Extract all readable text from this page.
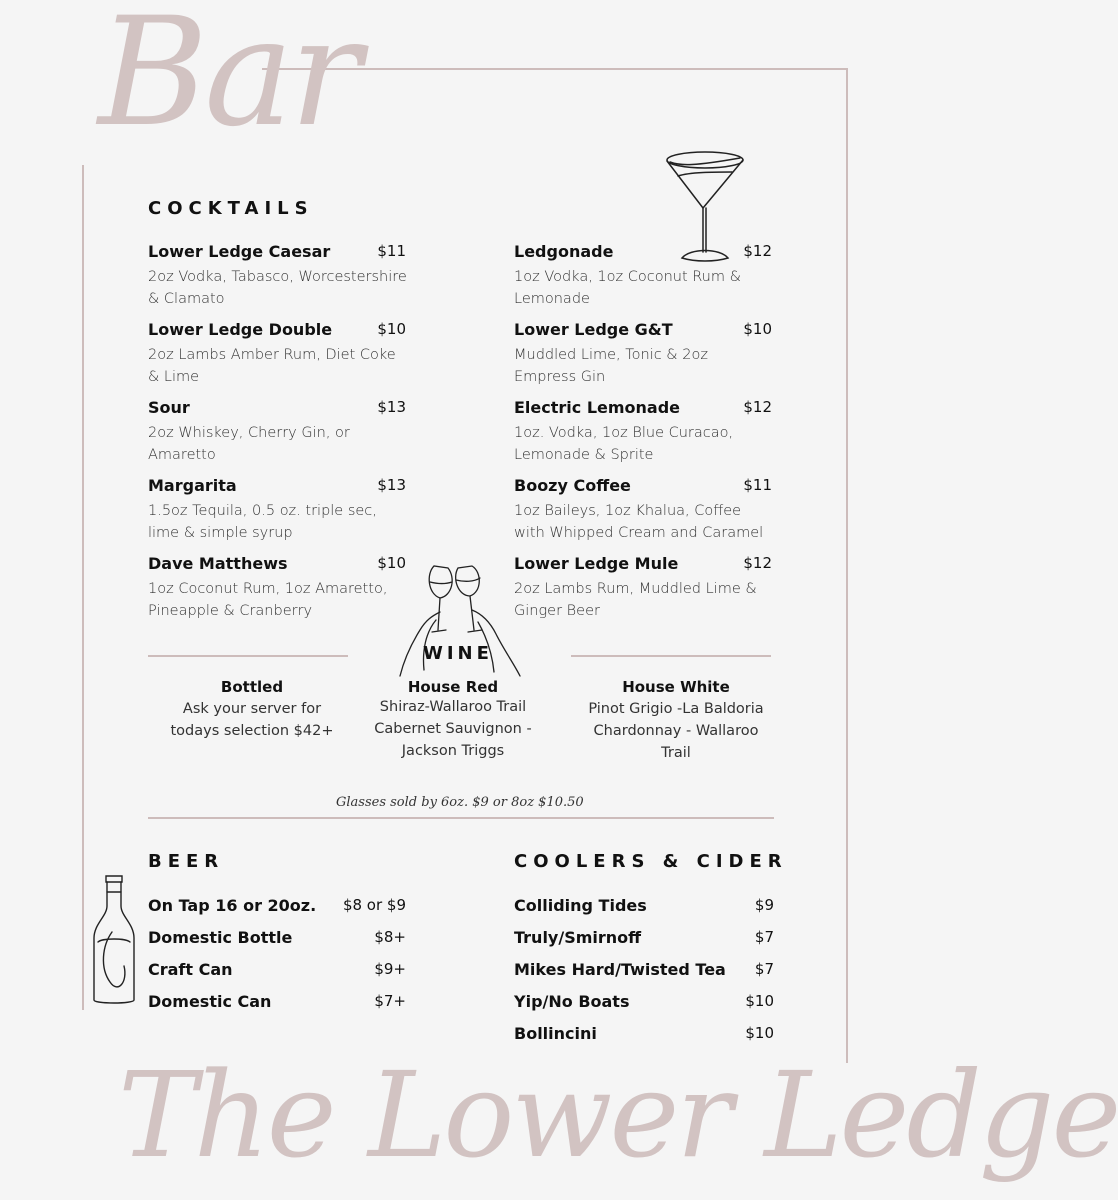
Bar
COCKTAILS
Lower Ledge Caesar	$11
2oz Vodka, Tabasco, Worcestershire & Clamato
Lower Ledge Double	$10
2oz Lambs Amber Rum, Diet Coke & Lime
Sour	$13
2oz Whiskey, Cherry Gin, or Amaretto
Margarita	$13
1.5oz Tequila, 0.5 oz. triple sec, lime & simple syrup
Dave Matthews	$10
1oz Coconut Rum, 1oz Amaretto, Pineapple & Cranberry
Ledgonade	$12
1oz Vodka, 1oz Coconut Rum & Lemonade
Lower Ledge G&T	$10
Muddled Lime, Tonic & 2oz Empress Gin
Electric Lemonade	$12
1oz. Vodka, 1oz Blue Curacao, Lemonade & Sprite
Boozy Coffee	$11
1oz Baileys, 1oz Khalua, Coffee with Whipped Cream and Caramel
Lower Ledge Mule	$12
2oz Lambs Rum, Muddled Lime & Ginger Beer
WINE
Bottled
Ask your server for todays selection $42+
House Red
Shiraz-Wallaroo Trail Cabernet Sauvignon - Jackson Triggs
House White
Pinot Grigio -La Baldoria Chardonnay - Wallaroo Trail
Glasses sold by 6oz. $9 or 8oz $10.50
BEER
On Tap 16 or 20oz. $8 or $9
Domestic Bottle	$8+
Craft Can	$9+
Domestic Can	$7+
COOLERS & CIDER
Colliding Tides	$9
Truly/Smirnoff	$7
Mikes Hard/Twisted Tea $7
Yip/No Boats	$10
Bollincini	$10
The Lower Ledge
